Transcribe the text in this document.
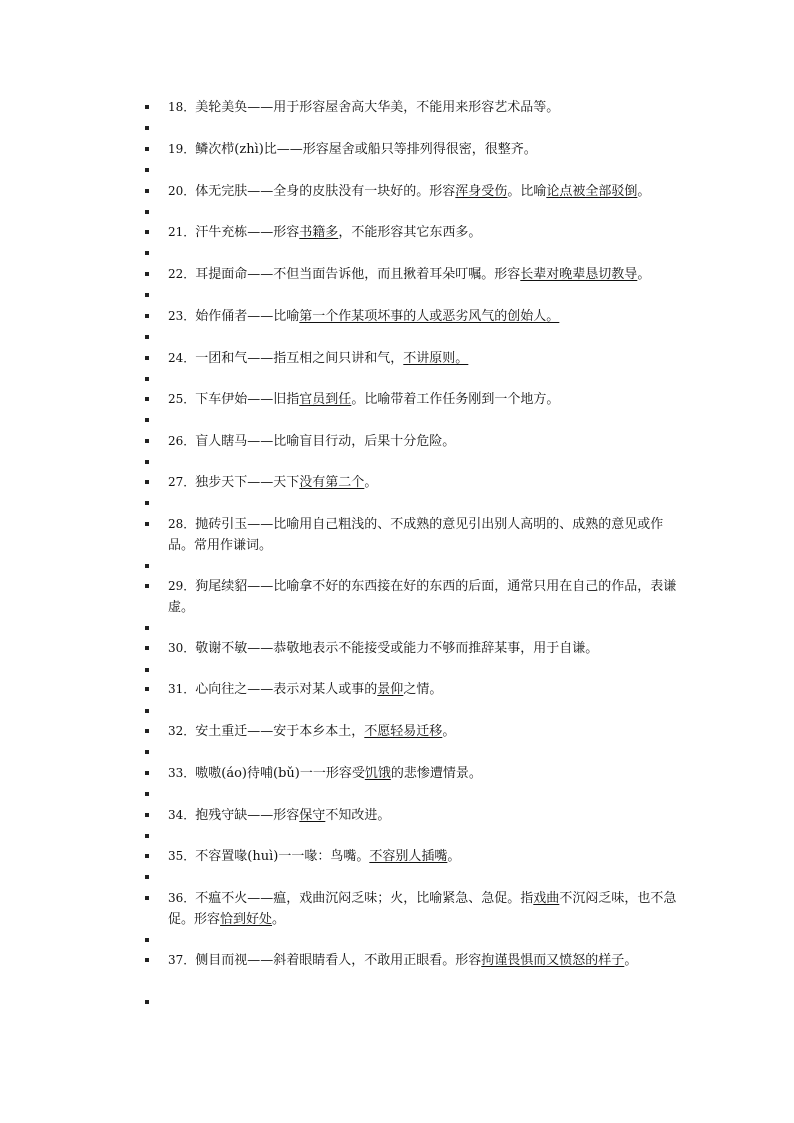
18．美轮美奂——用于形容屋舍高大华美，不能用来形容艺术品等。
19．鳞次栉(zhì)比——形容屋舍或船只等排列得很密，很整齐。
20．体无完肤——全身的皮肤没有一块好的。形容浑身受伤。比喻论点被全部驳倒。
21．汗牛充栋——形容书籍多，不能形容其它东西多。
22．耳提面命——不但当面告诉他，而且揪着耳朵叮嘱。形容长辈对晚辈恳切教导。
23．始作俑者——比喻第一个作某项坏事的人或恶劣风气的创始人。
24．一团和气——指互相之间只讲和气，不讲原则。
25．下车伊始——旧指官员到任。比喻带着工作任务刚到一个地方。
26．盲人瞎马——比喻盲目行动，后果十分危险。
27．独步天下——天下没有第二个。
28．抛砖引玉——比喻用自己粗浅的、不成熟的意见引出别人高明的、成熟的意见或作品。常用作谦词。
29．狗尾续貂——比喻拿不好的东西接在好的东西的后面，通常只用在自己的作品，表谦虚。
30．敬谢不敏——恭敬地表示不能接受或能力不够而推辞某事，用于自谦。
31．心向往之——表示对某人或事的景仰之情。
32．安土重迁——安于本乡本土，不愿轻易迁移。
33．嗷嗷(áo)待哺(bǔ)一一形容受饥饿的悲惨遭情景。
34．抱残守缺——形容保守不知改进。
35．不容置喙(huì)一一喙：鸟嘴。不容别人插嘴。
36．不瘟不火——瘟，戏曲沉闷乏味；火，比喻紧急、急促。指戏曲不沉闷乏味，也不急促。形容恰到好处。
37．侧目而视——斜着眼睛看人，不敢用正眼看。形容拘谨畏惧而又愤怒的样子。
